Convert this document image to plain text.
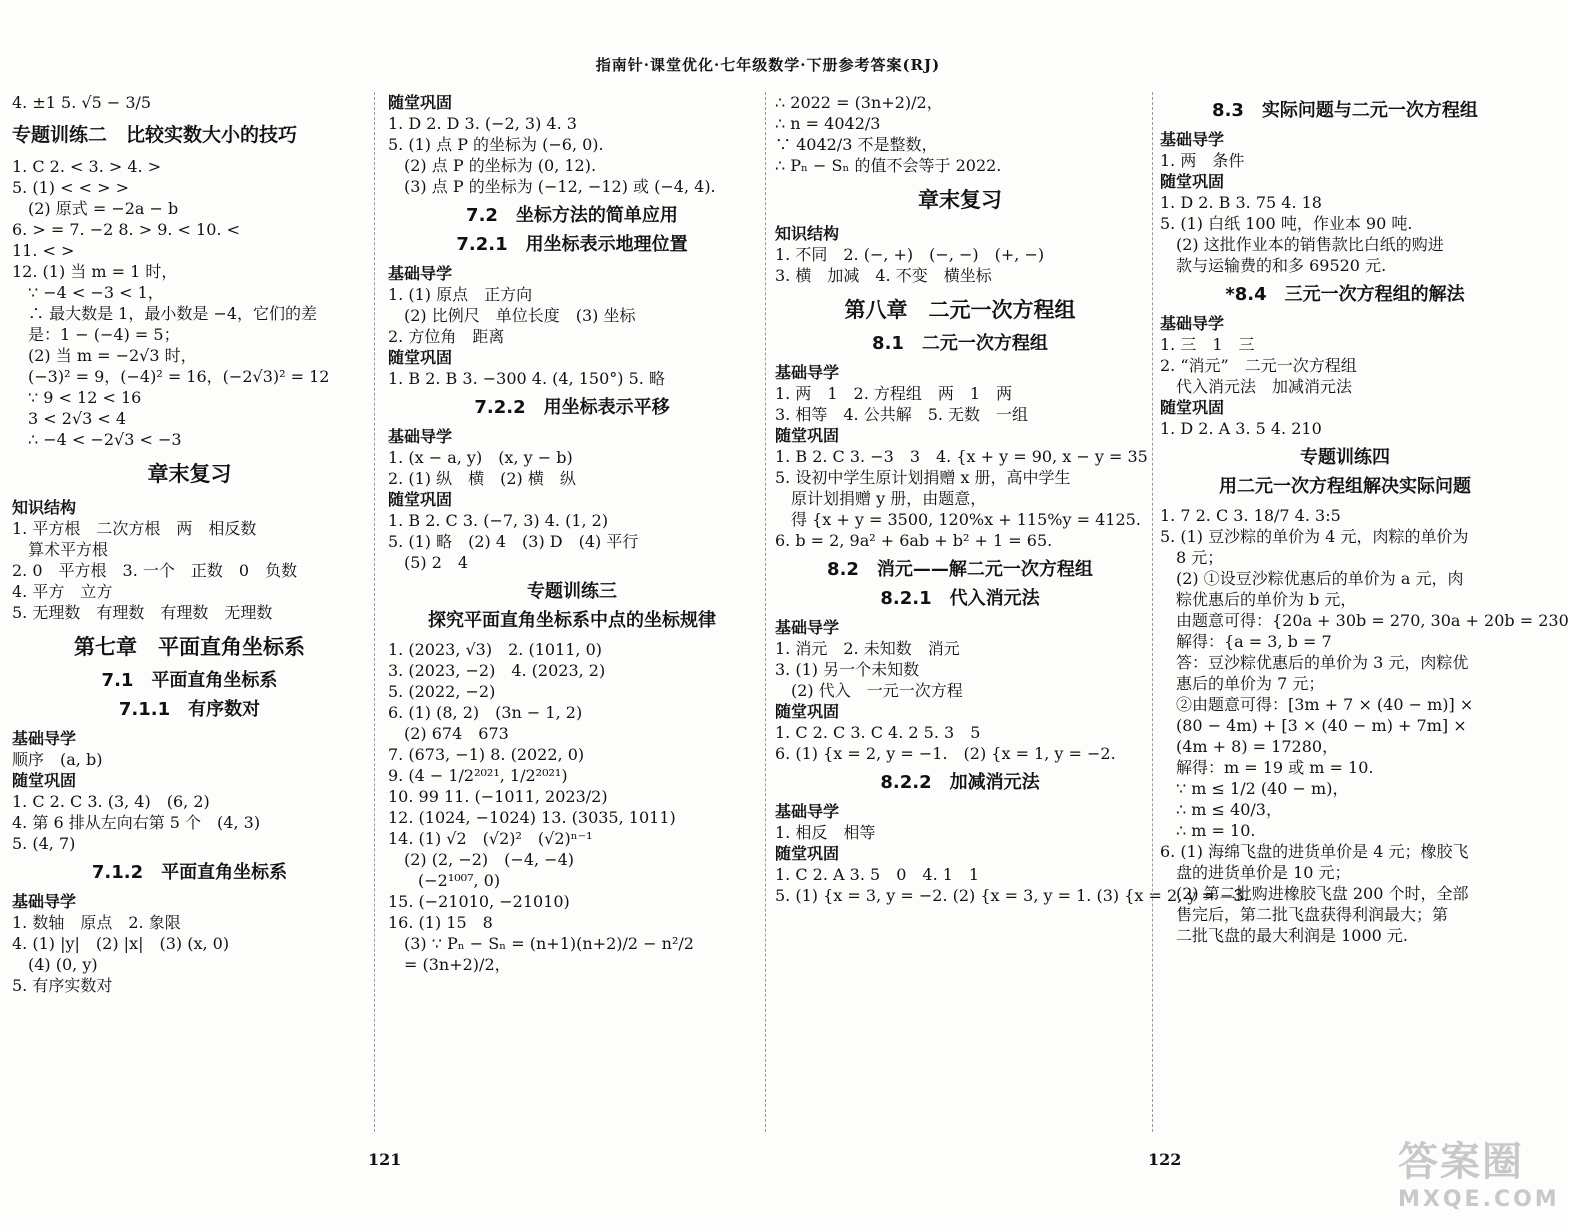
指南针·课堂优化·七年级数学·下册参考答案(RJ)

4. ±1 5. √5 − 3/5

专题训练二　比较实数大小的技巧

1. C 2. < 3. > 4. >

5. (1) < < > >

(2) 原式 = −2a − b

6. > = 7. −2 8. > 9. < 10. <

11. < >

12. (1) 当 m = 1 时，

∵ −4 < −3 < 1，

∴ 最大数是 1，最小数是 −4，它们的差

是：1 − (−4) = 5；

(2) 当 m = −2√3 时，

(−3)² = 9，(−4)² = 16，(−2√3)² = 12

∵ 9 < 12 < 16

3 < 2√3 < 4

∴ −4 < −2√3 < −3

章末复习

知识结构

1. 平方根　二次方根　两　相反数

算术平方根

2. 0　平方根　3. 一个　正数　0　负数

4. 平方　立方

5. 无理数　有理数　有理数　无理数

第七章　平面直角坐标系

7.1　平面直角坐标系

7.1.1　有序数对

基础导学

顺序　(a, b)

随堂巩固

1. C 2. C 3. (3, 4)　(6, 2)

4. 第 6 排从左向右第 5 个　(4, 3)

5. (4, 7)

7.1.2　平面直角坐标系

基础导学

1. 数轴　原点　2. 象限

4. (1) |y|　(2) |x|　(3) (x, 0)

(4) (0, y)

5. 有序实数对

随堂巩固

1. D 2. D 3. (−2, 3) 4. 3

5. (1) 点 P 的坐标为 (−6, 0).

(2) 点 P 的坐标为 (0, 12).

(3) 点 P 的坐标为 (−12, −12) 或 (−4, 4).

7.2　坐标方法的简单应用

7.2.1　用坐标表示地理位置

基础导学

1. (1) 原点　正方向

(2) 比例尺　单位长度　(3) 坐标

2. 方位角　距离

随堂巩固

1. B 2. B 3. −300 4. (4, 150°) 5. 略

7.2.2　用坐标表示平移

基础导学

1. (x − a, y)　(x, y − b)

2. (1) 纵　横　(2) 横　纵

随堂巩固

1. B 2. C 3. (−7, 3) 4. (1, 2)

5. (1) 略　(2) 4　(3) D　(4) 平行

(5) 2　4

专题训练三

探究平面直角坐标系中点的坐标规律

1. (2023, √3)　2. (1011, 0)

3. (2023, −2)　4. (2023, 2)

5. (2022, −2)

6. (1) (8, 2)　(3n − 1, 2)

(2) 674　673

7. (673, −1) 8. (2022, 0)

9. (4 − 1/2²⁰²¹, 1/2²⁰²¹)

10. 99 11. (−1011, 2023/2)

12. (1024, −1024) 13. (3035, 1011)

14. (1) √2　(√2)²　(√2)ⁿ⁻¹

(2) (2, −2)　(−4, −4)

(−2¹⁰⁰⁷, 0)

15. (−21010, −21010)

16. (1) 15　8

(3) ∵ Pₙ − Sₙ = (n+1)(n+2)/2 − n²/2

= (3n+2)/2，

∴ 2022 = (3n+2)/2，

∴ n = 4042/3

∵ 4042/3 不是整数，

∴ Pₙ − Sₙ 的值不会等于 2022.

章末复习

知识结构

1. 不同　2. (−, +)　(−, −)　(+, −)

3. 横　加减　4. 不变　横坐标

第八章　二元一次方程组

8.1　二元一次方程组

基础导学

1. 两　1　2. 方程组　两　1　两

3. 相等　4. 公共解　5. 无数　一组

随堂巩固

1. B 2. C 3. −3　3　4. {x + y = 90, x − y = 35

5. 设初中学生原计划捐赠 x 册，高中学生

原计划捐赠 y 册，由题意，

得 {x + y = 3500, 120%x + 115%y = 4125.

6. b = 2, 9a² + 6ab + b² + 1 = 65.

8.2　消元——解二元一次方程组

8.2.1　代入消元法

基础导学

1. 消元　2. 未知数　消元

3. (1) 另一个未知数

(2) 代入　一元一次方程

随堂巩固

1. C 2. C 3. C 4. 2 5. 3　5

6. (1) {x = 2, y = −1.　(2) {x = 1, y = −2.

8.2.2　加减消元法

基础导学

1. 相反　相等

随堂巩固

1. C 2. A 3. 5　0　4. 1　1

5. (1) {x = 3, y = −2. (2) {x = 3, y = 1. (3) {x = 2, y = −3.

8.3　实际问题与二元一次方程组

基础导学

1. 两　条件

随堂巩固

1. D 2. B 3. 75 4. 18

5. (1) 白纸 100 吨，作业本 90 吨.

(2) 这批作业本的销售款比白纸的购进

款与运输费的和多 69520 元.

*8.4　三元一次方程组的解法

基础导学

1. 三　1　三

2. “消元”　二元一次方程组

代入消元法　加减消元法

随堂巩固

1. D 2. A 3. 5 4. 210

专题训练四

用二元一次方程组解决实际问题

1. 7 2. C 3. 18/7 4. 3:5

5. (1) 豆沙粽的单价为 4 元，肉粽的单价为

8 元；

(2) ①设豆沙粽优惠后的单价为 a 元，肉

粽优惠后的单价为 b 元，

由题意可得：{20a + 30b = 270, 30a + 20b = 230

解得：{a = 3, b = 7

答：豆沙粽优惠后的单价为 3 元，肉粽优

惠后的单价为 7 元；

②由题意可得：[3m + 7 × (40 − m)] ×

(80 − 4m) + [3 × (40 − m) + 7m] ×

(4m + 8) = 17280，

解得：m = 19 或 m = 10.

∵ m ≤ 1/2 (40 − m)，

∴ m ≤ 40/3，

∴ m = 10.

6. (1) 海绵飞盘的进货单价是 4 元；橡胶飞

盘的进货单价是 10 元；

(2) 第二批购进橡胶飞盘 200 个时，全部

售完后，第二批飞盘获得利润最大；第

二批飞盘的最大利润是 1000 元.

121	122	答案圈
MXQE.COM
